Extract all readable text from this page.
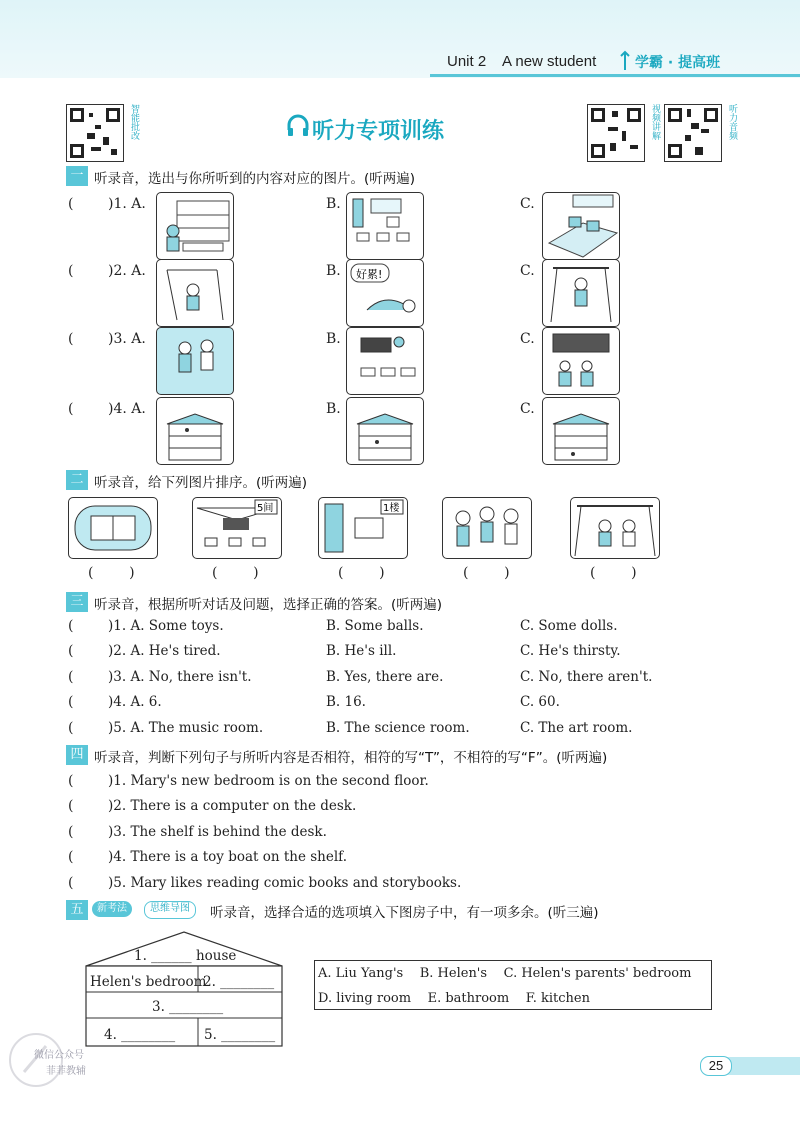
Unit 2    A new student	学霸 · 提高班
智能批改	视频讲解	听力音频
听力专项训练
一 听录音，选出与你所听到的内容对应的图片。(听两遍)
( )1. A.	B.	C.
( )2. A.	B. 好累!	C.
( )3. A.	B.	C.
( )4. A.	B.	C.
二 听录音，给下列图片排序。(听两遍)
5间	1楼
(        )	(        )	(        )	(        )	(        )
三 听录音，根据所听对话及问题，选择正确的答案。(听两遍)
(	)1. A. Some toys.	B. Some balls.	C. Some dolls.
(	)2. A. He's tired.	B. He's ill.	C. He's thirsty.
(	)3. A. No, there isn't.	B. Yes, there are.	C. No, there aren't.
(	)4. A. 6.	B. 16.	C. 60.
(	)5. A. The music room.	B. The science room.	C. The art room.
四 听录音，判断下列句子与所听内容是否相符，相符的写“T”，不相符的写“F”。(听两遍)
(	)1. Mary's new bedroom is on the second floor.
(	)2. There is a computer on the desk.
(	)3. The shelf is behind the desk.
(	)4. There is a toy boat on the shelf.
(	)5. Mary likes reading comic books and storybooks.
五	新考法	思维导图	听录音，选择合适的选项填入下图房子中，有一项多余。(听三遍)
1. ______ house
Helen's bedroom
2. ________
3. ________
4. ________ 5. ________
A. Liu Yang's    B. Helen's    C. Helen's parents' bedroom
D. living room    E. bathroom    F. kitchen
微信公众号
菲菲教辅	25
